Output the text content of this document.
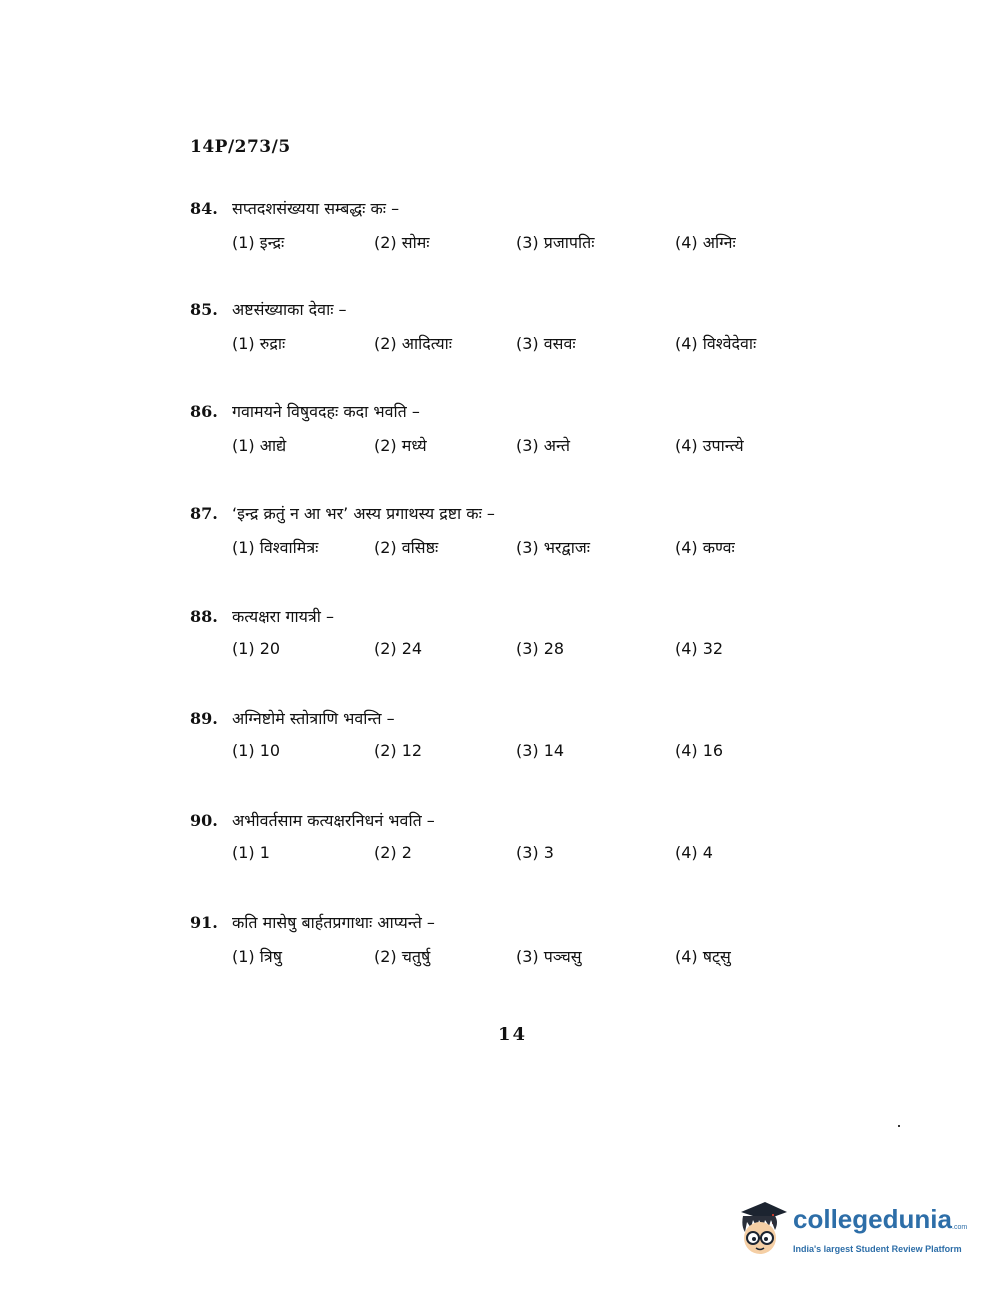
14P/273/5
84. सप्तदशसंख्यया सम्बद्धः कः –
(1) इन्द्रः	(2) सोमः	(3) प्रजापतिः	(4) अग्निः
85. अष्टसंख्याका देवाः –
(1) रुद्राः	(2) आदित्याः	(3) वसवः	(4) विश्वेदेवाः
86. गवामयने विषुवदहः कदा भवति –
(1) आद्ये	(2) मध्ये	(3) अन्ते	(4) उपान्त्ये
87. ‘इन्द्र क्रतुं न आ भर’ अस्य प्रगाथस्य द्रष्टा कः –
(1) विश्वामित्रः	(2) वसिष्ठः	(3) भरद्वाजः	(4) कण्वः
88. कत्यक्षरा गायत्री –
(1) 20	(2) 24	(3) 28	(4) 32
89. अग्निष्टोमे स्तोत्राणि भवन्ति –
(1) 10	(2) 12	(3) 14	(4) 16
90. अभीवर्तसाम कत्यक्षरनिधनं भवति –
(1) 1	(2) 2	(3) 3	(4) 4
91. कति मासेषु बार्हतप्रगाथाः आप्यन्ते –
(1) त्रिषु	(2) चतुर्षु	(3) पञ्चसु	(4) षट्सु
14
collegedunia .com
India's largest Student Review Platform
